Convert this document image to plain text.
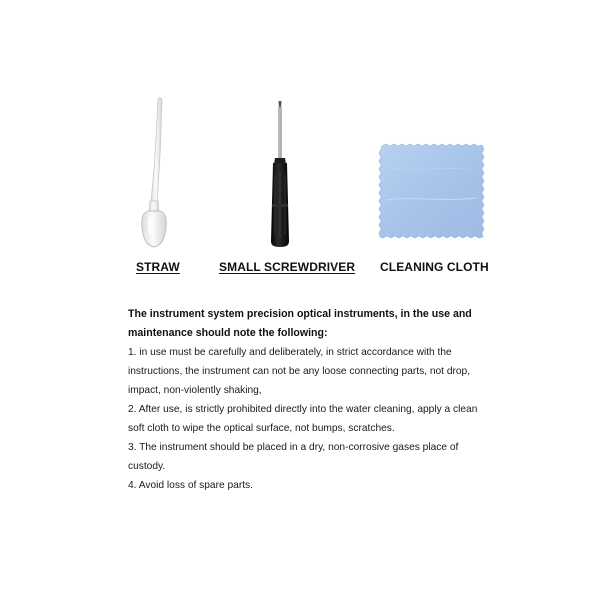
STRAW	SMALL SCREWDRIVER CLEANING CLOTH

The instrument system precision optical instruments, in the use and maintenance should note the following:

1. in use must be carefully and deliberately, in strict accordance with the instructions, the instrument can not be any loose connecting parts, not drop, impact, non-violently shaking,

2. After use, is strictly prohibited directly into the water cleaning, apply a clean soft cloth to wipe the optical surface, not bumps, scratches.

3. The instrument should be placed in a dry, non-corrosive gases place of custody.

4. Avoid loss of spare parts.
